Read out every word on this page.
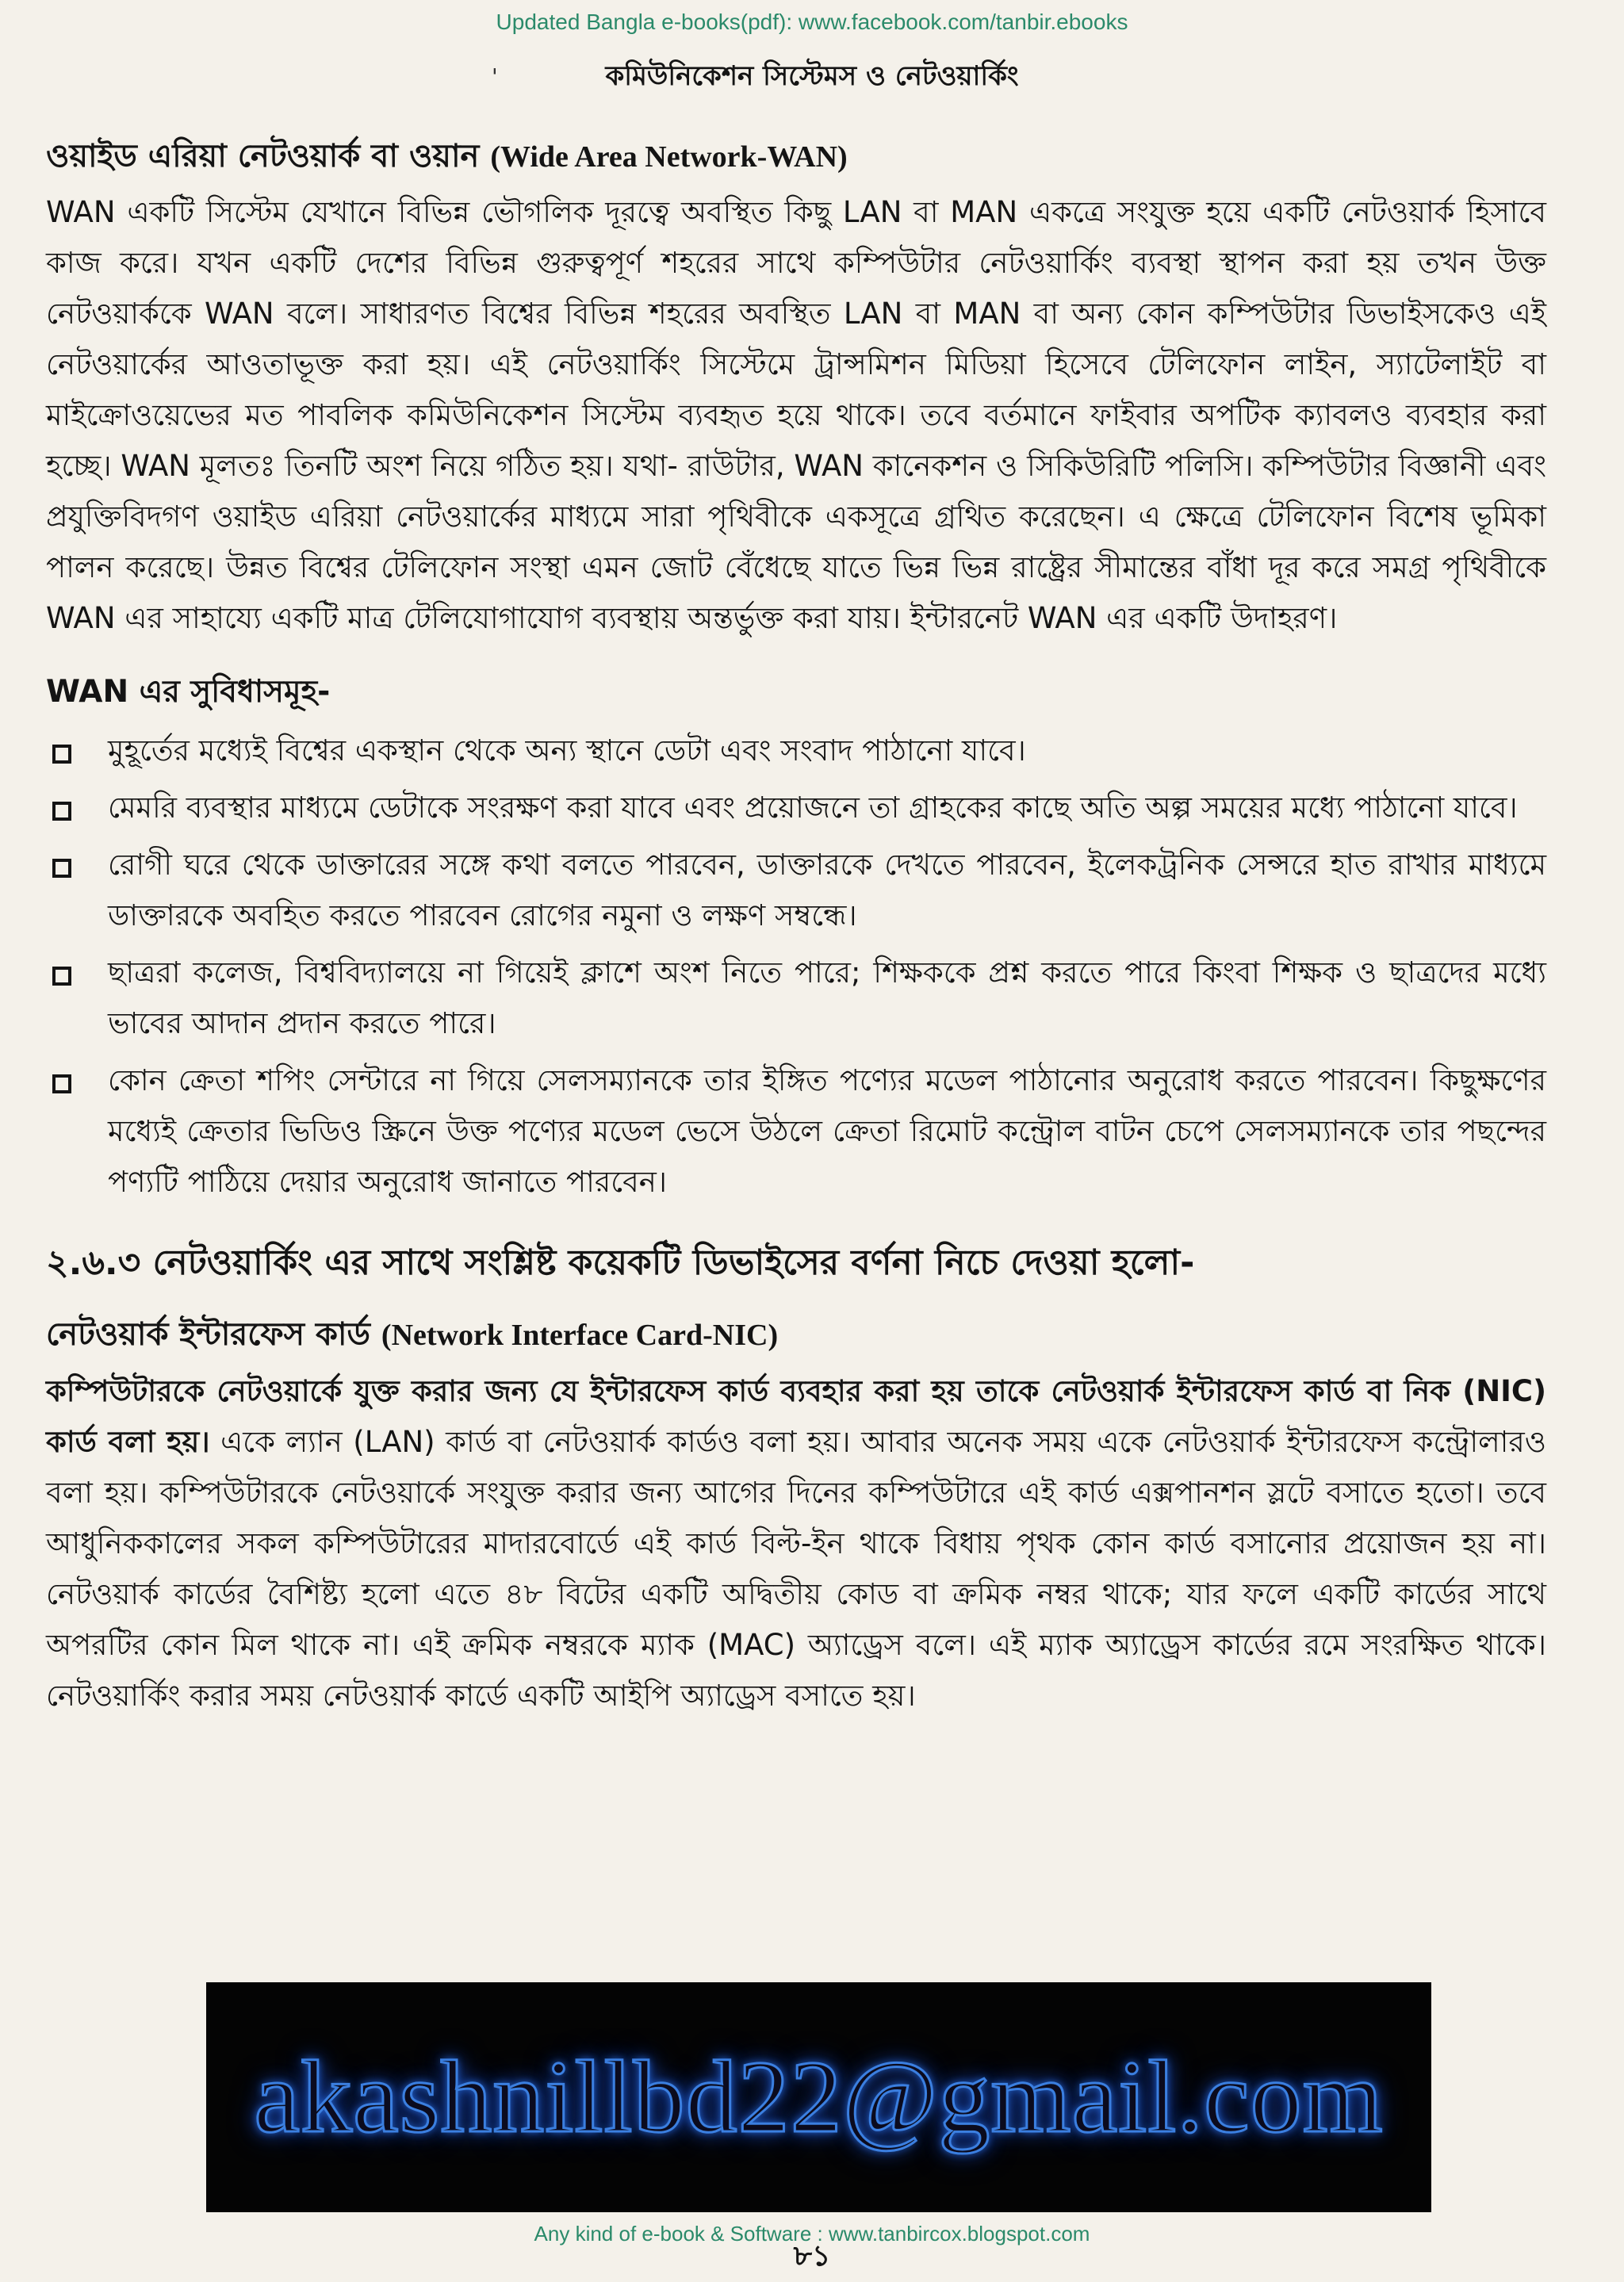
Updated Bangla e-books(pdf): www.facebook.com/tanbir.ebooks
'	কমিউনিকেশন সিস্টেমস ও নেটওয়ার্কিং
ওয়াইড এরিয়া নেটওয়ার্ক বা ওয়ান (Wide Area Network-WAN)

WAN একটি সিস্টেম যেখানে বিভিন্ন ভৌগলিক দূরত্বে অবস্থিত কিছু LAN বা MAN একত্রে সংযুক্ত হয়ে একটি নেটওয়ার্ক হিসাবে কাজ করে। যখন একটি দেশের বিভিন্ন গুরুত্বপূর্ণ শহরের সাথে কম্পিউটার নেটওয়ার্কিং ব্যবস্থা স্থাপন করা হয় তখন উক্ত নেটওয়ার্ককে WAN বলে। সাধারণত বিশ্বের বিভিন্ন শহরের অবস্থিত LAN বা MAN বা অন্য কোন কম্পিউটার ডিভাইসকেও এই নেটওয়ার্কের আওতাভূক্ত করা হয়। এই নেটওয়ার্কিং সিস্টেমে ট্রান্সমিশন মিডিয়া হিসেবে টেলিফোন লাইন, স্যাটেলাইট বা মাইক্রোওয়েভের মত পাবলিক কমিউনিকেশন সিস্টেম ব্যবহৃত হয়ে থাকে। তবে বর্তমানে ফাইবার অপটিক ক্যাবলও ব্যবহার করা হচ্ছে। WAN মূলতঃ তিনটি অংশ নিয়ে গঠিত হয়। যথা- রাউটার, WAN কানেকশন ও সিকিউরিটি পলিসি। কম্পিউটার বিজ্ঞানী এবং প্রযুক্তিবিদগণ ওয়াইড এরিয়া নেটওয়ার্কের মাধ্যমে সারা পৃথিবীকে একসূত্রে গ্রথিত করেছেন। এ ক্ষেত্রে টেলিফোন বিশেষ ভূমিকা পালন করেছে। উন্নত বিশ্বের টেলিফোন সংস্থা এমন জোট বেঁধেছে যাতে ভিন্ন ভিন্ন রাষ্ট্রের সীমান্তের বাঁধা দূর করে সমগ্র পৃথিবীকে WAN এর সাহায্যে একটি মাত্র টেলিযোগাযোগ ব্যবস্থায় অন্তর্ভুক্ত করা যায়। ইন্টারনেট WAN এর একটি উদাহরণ।

WAN এর সুবিধাসমূহ-
মুহূর্তের মধ্যেই বিশ্বের একস্থান থেকে অন্য স্থানে ডেটা এবং সংবাদ পাঠানো যাবে।
মেমরি ব্যবস্থার মাধ্যমে ডেটাকে সংরক্ষণ করা যাবে এবং প্রয়োজনে তা গ্রাহকের কাছে অতি অল্প সময়ের মধ্যে পাঠানো যাবে।
রোগী ঘরে থেকে ডাক্তারের সঙ্গে কথা বলতে পারবেন, ডাক্তারকে দেখতে পারবেন, ইলেকট্রনিক সেন্সরে হাত রাখার মাধ্যমে ডাক্তারকে অবহিত করতে পারবেন রোগের নমুনা ও লক্ষণ সম্বন্ধে।
ছাত্ররা কলেজ, বিশ্ববিদ্যালয়ে না গিয়েই ক্লাশে অংশ নিতে পারে; শিক্ষককে প্রশ্ন করতে পারে কিংবা শিক্ষক ও ছাত্রদের মধ্যে ভাবের আদান প্রদান করতে পারে।
কোন ক্রেতা শপিং সেন্টারে না গিয়ে সেলসম্যানকে তার ইঙ্গিত পণ্যের মডেল পাঠানোর অনুরোধ করতে পারবেন। কিছুক্ষণের মধ্যেই ক্রেতার ভিডিও স্ক্রিনে উক্ত পণ্যের মডেল ভেসে উঠলে ক্রেতা রিমোট কন্ট্রোল বাটন চেপে সেলসম্যানকে তার পছন্দের পণ্যটি পাঠিয়ে দেয়ার অনুরোধ জানাতে পারবেন।
২.৬.৩ নেটওয়ার্কিং এর সাথে সংশ্লিষ্ট কয়েকটি ডিভাইসের বর্ণনা নিচে দেওয়া হলো-
নেটওয়ার্ক ইন্টারফেস কার্ড (Network Interface Card-NIC)

কম্পিউটারকে নেটওয়ার্কে যুক্ত করার জন্য যে ইন্টারফেস কার্ড ব্যবহার করা হয় তাকে নেটওয়ার্ক ইন্টারফেস কার্ড বা নিক (NIC) কার্ড বলা হয়। একে ল্যান (LAN) কার্ড বা নেটওয়ার্ক কার্ডও বলা হয়। আবার অনেক সময় একে নেটওয়ার্ক ইন্টারফেস কন্ট্রোলারও বলা হয়। কম্পিউটারকে নেটওয়ার্কে সংযুক্ত করার জন্য আগের দিনের কম্পিউটারে এই কার্ড এক্সপানশন স্লটে বসাতে হতো। তবে আধুনিককালের সকল কম্পিউটারের মাদারবোর্ডে এই কার্ড বিল্ট-ইন থাকে বিধায় পৃথক কোন কার্ড বসানোর প্রয়োজন হয় না। নেটওয়ার্ক কার্ডের বৈশিষ্ট্য হলো এতে ৪৮ বিটের একটি অদ্বিতীয় কোড বা ক্রমিক নম্বর থাকে; যার ফলে একটি কার্ডের সাথে অপরটির কোন মিল থাকে না। এই ক্রমিক নম্বরকে ম্যাক (MAC) অ্যাড্রেস বলে। এই ম্যাক অ্যাড্রেস কার্ডের রমে সংরক্ষিত থাকে। নেটওয়ার্কিং করার সময় নেটওয়ার্ক কার্ডে একটি আইপি অ্যাড্রেস বসাতে হয়।

akashnillbd22@gmail.com
Any kind of e-book & Software : www.tanbircox.blogspot.com
৮১
